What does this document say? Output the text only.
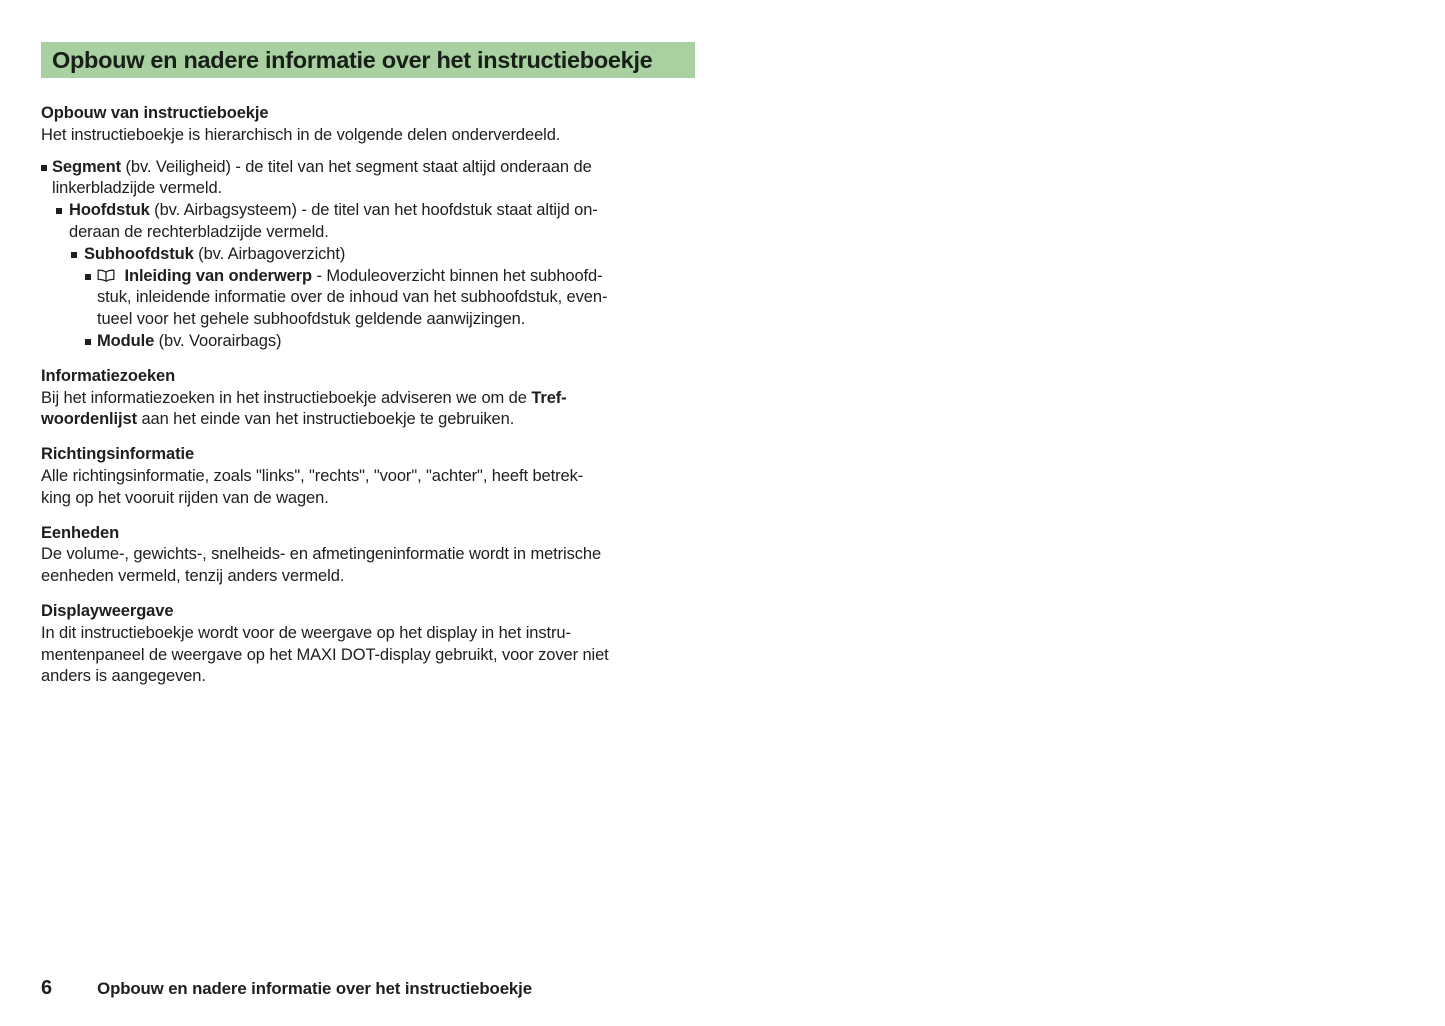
Opbouw en nadere informatie over het instructieboekje
Opbouw van instructieboekje
Het instructieboekje is hierarchisch in de volgende delen onderverdeeld.
Segment (bv. Veiligheid) - de titel van het segment staat altijd onderaan de
linkerbladzijde vermeld.
Hoofdstuk (bv. Airbagsysteem) - de titel van het hoofdstuk staat altijd on-
deraan de rechterbladzijde vermeld.
Subhoofdstuk (bv. Airbagoverzicht)
Inleiding van onderwerp - Moduleoverzicht binnen het subhoofd-
stuk, inleidende informatie over de inhoud van het subhoofdstuk, even-
tueel voor het gehele subhoofdstuk geldende aanwijzingen.
Module (bv. Voorairbags)
Informatiezoeken
Bij het informatiezoeken in het instructieboekje adviseren we om de Tref-
woordenlijst aan het einde van het instructieboekje te gebruiken.
Richtingsinformatie
Alle richtingsinformatie, zoals "links", "rechts", "voor", "achter", heeft betrek-
king op het vooruit rijden van de wagen.
Eenheden
De volume-, gewichts-, snelheids- en afmetingeninformatie wordt in metrische
eenheden vermeld, tenzij anders vermeld.
Displayweergave
In dit instructieboekje wordt voor de weergave op het display in het instru-
mentenpaneel de weergave op het MAXI DOT-display gebruikt, voor zover niet
anders is aangegeven.
6	Opbouw en nadere informatie over het instructieboekje
